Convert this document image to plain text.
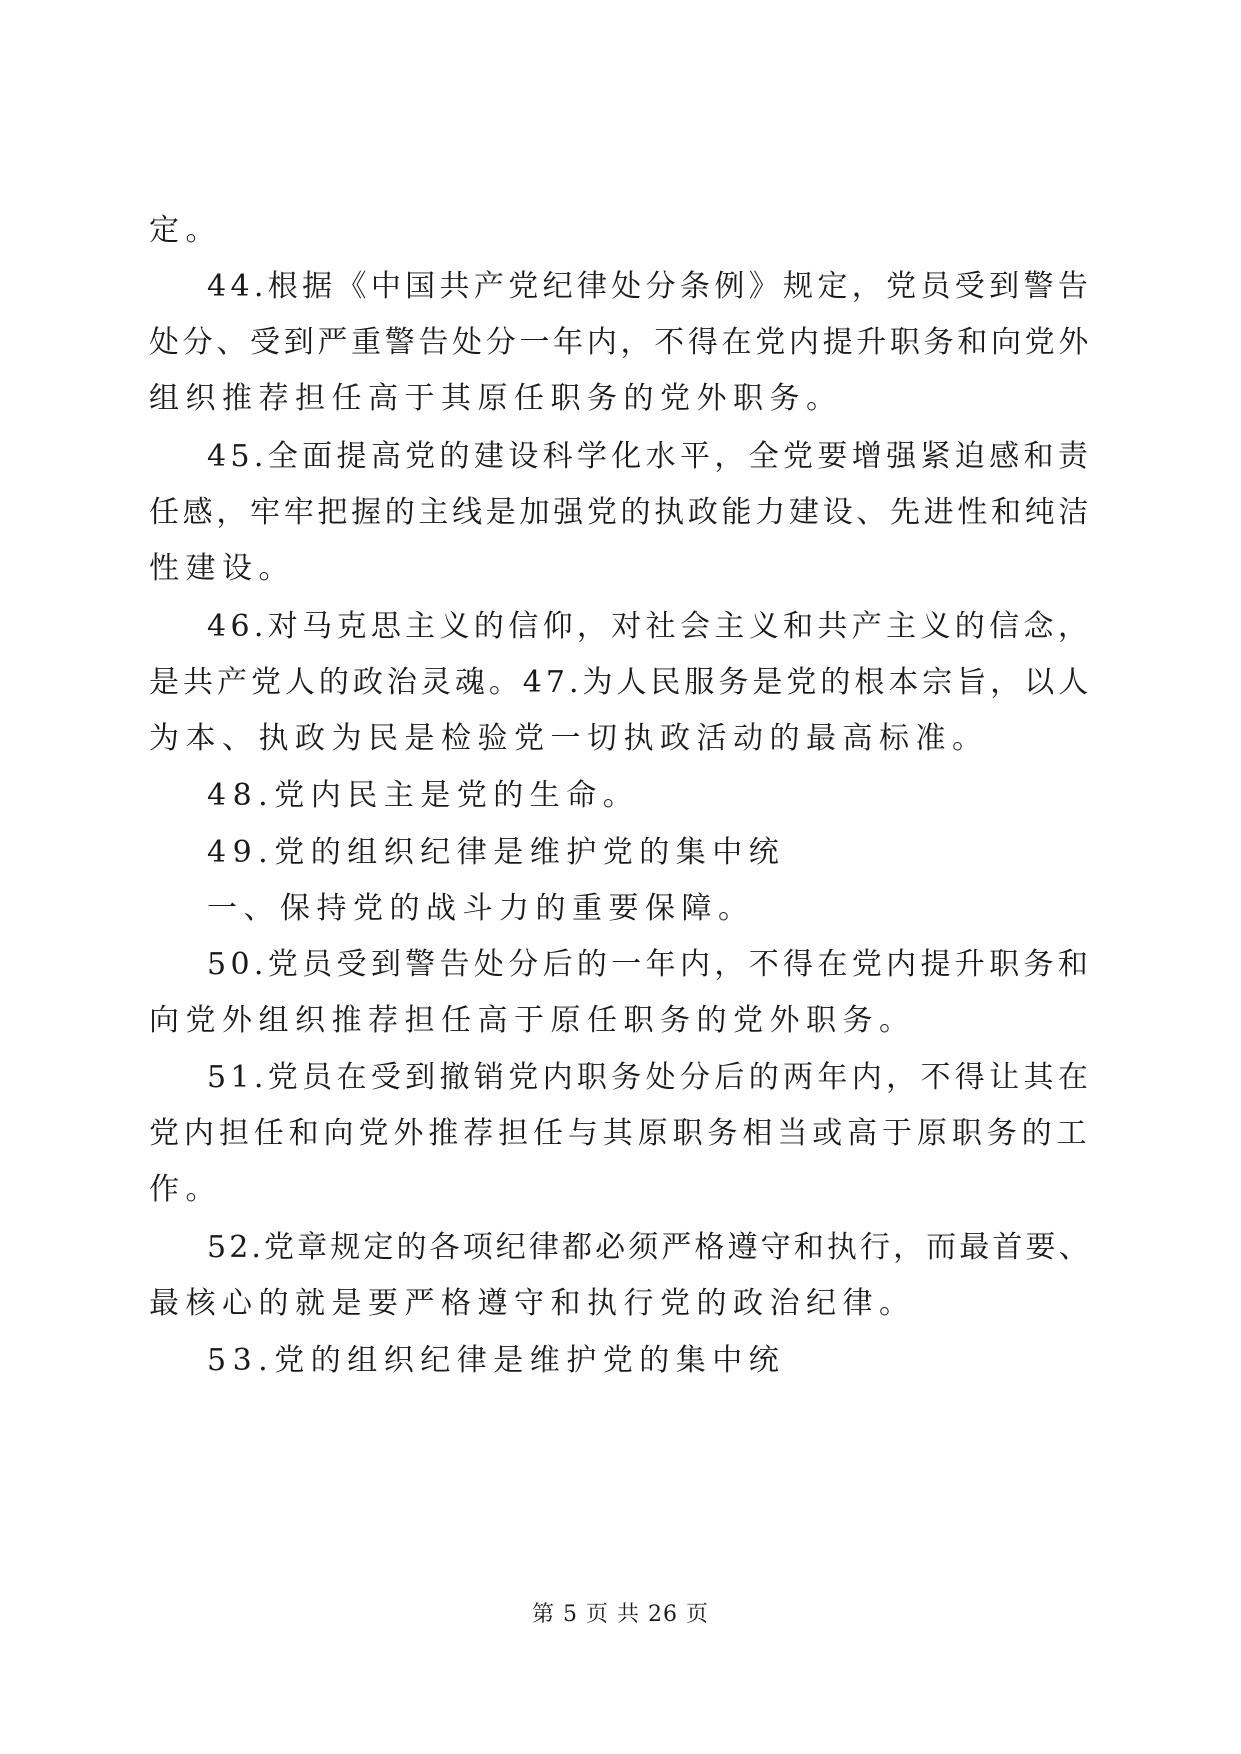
定。
44.根据《中国共产党纪律处分条例》规定，党员受到警告
处分、受到严重警告处分一年内，不得在党内提升职务和向党外
组织推荐担任高于其原任职务的党外职务。
45.全面提高党的建设科学化水平，全党要增强紧迫感和责
任感，牢牢把握的主线是加强党的执政能力建设、先进性和纯洁
性建设。
46.对马克思主义的信仰，对社会主义和共产主义的信念，
是共产党人的政治灵魂。47.为人民服务是党的根本宗旨，以人
为本、执政为民是检验党一切执政活动的最高标准。
48.党内民主是党的生命。
49.党的组织纪律是维护党的集中统
一、保持党的战斗力的重要保障。
50.党员受到警告处分后的一年内，不得在党内提升职务和
向党外组织推荐担任高于原任职务的党外职务。
51.党员在受到撤销党内职务处分后的两年内，不得让其在
党内担任和向党外推荐担任与其原职务相当或高于原职务的工
作。
52.党章规定的各项纪律都必须严格遵守和执行，而最首要、
最核心的就是要严格遵守和执行党的政治纪律。
53.党的组织纪律是维护党的集中统
第 5 页 共 26 页
